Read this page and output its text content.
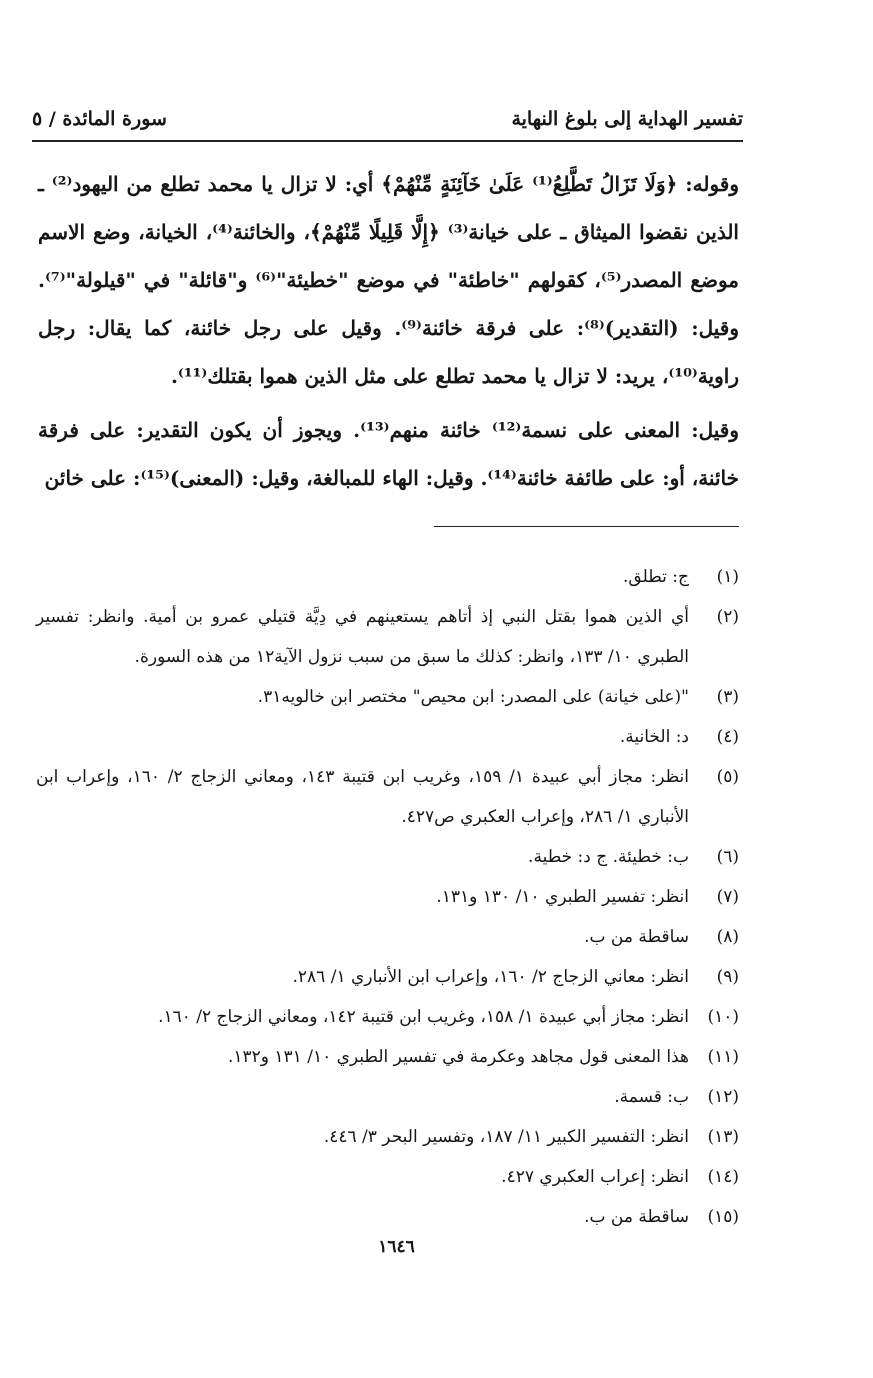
تفسير الهداية إلى بلوغ النهاية
سورة المائدة / ٥

وقوله: ﴿وَلَا تَزَالُ تَطَّلِعُ⁽¹⁾ عَلَىٰ خَآئِنَةٍ مِّنْهُمْ﴾ أي: لا تزال يا محمد تطلع من اليهود⁽²⁾ ـ الذين نقضوا الميثاق ـ على خيانة⁽³⁾ ﴿إِلَّا قَلِيلًا مِّنْهُمْ﴾، والخائنة⁽⁴⁾، الخيانة، وضع الاسم موضع المصدر⁽⁵⁾، كقولهم "خاطئة" في موضع "خطيئة"⁽⁶⁾ و"قائلة" في "قيلولة"⁽⁷⁾. وقيل: (التقدير)⁽⁸⁾: على فرقة خائنة⁽⁹⁾. وقيل على رجل خائنة، كما يقال: رجل راوية⁽¹⁰⁾، يريد: لا تزال يا محمد تطلع على مثل الذين هموا بقتلك⁽¹¹⁾.

وقيل: المعنى على نسمة⁽¹²⁾ خائنة منهم⁽¹³⁾. ويجوز أن يكون التقدير: على فرقة خائنة، أو: على طائفة خائنة⁽¹⁴⁾. وقيل: الهاء للمبالغة، وقيل: (المعنى)⁽¹⁵⁾: على خائن

(١)
ج: تطلق.
(٢)
أي الذين هموا بقتل النبي إذ أتاهم يستعينهم في دِيَّة قتيلي عمرو بن أمية. وانظر: تفسير الطبري ١٠/ ١٣٣، وانظر: كذلك ما سبق من سبب نزول الآية١٢ من هذه السورة.
(٣)
"(على خيانة) على المصدر: ابن محيص" مختصر ابن خالويه٣١.
(٤)
د: الخانية.
(٥)
انظر: مجاز أبي عبيدة ١/ ١٥٩، وغريب ابن قتيبة ١٤٣، ومعاني الزجاج ٢/ ١٦٠، وإعراب ابن الأنباري ١/ ٢٨٦، وإعراب العكبري ص٤٢٧.
(٦)
ب: خطيئة. ج د: خطية.
(٧)
انظر: تفسير الطبري ١٠/ ١٣٠ و١٣١.
(٨)
ساقطة من ب.
(٩)
انظر: معاني الزجاج ٢/ ١٦٠، وإعراب ابن الأنباري ١/ ٢٨٦.
(١٠)
انظر: مجاز أبي عبيدة ١/ ١٥٨، وغريب ابن قتيبة ١٤٢، ومعاني الزجاج ٢/ ١٦٠.
(١١)
هذا المعنى قول مجاهد وعكرمة في تفسير الطبري ١٠/ ١٣١ و١٣٢.
(١٢)
ب: قسمة.
(١٣)
انظر: التفسير الكبير ١١/ ١٨٧، وتفسير البحر ٣/ ٤٤٦.
(١٤)
انظر: إعراب العكبري ٤٢٧.
(١٥)
ساقطة من ب.
١٦٤٦
